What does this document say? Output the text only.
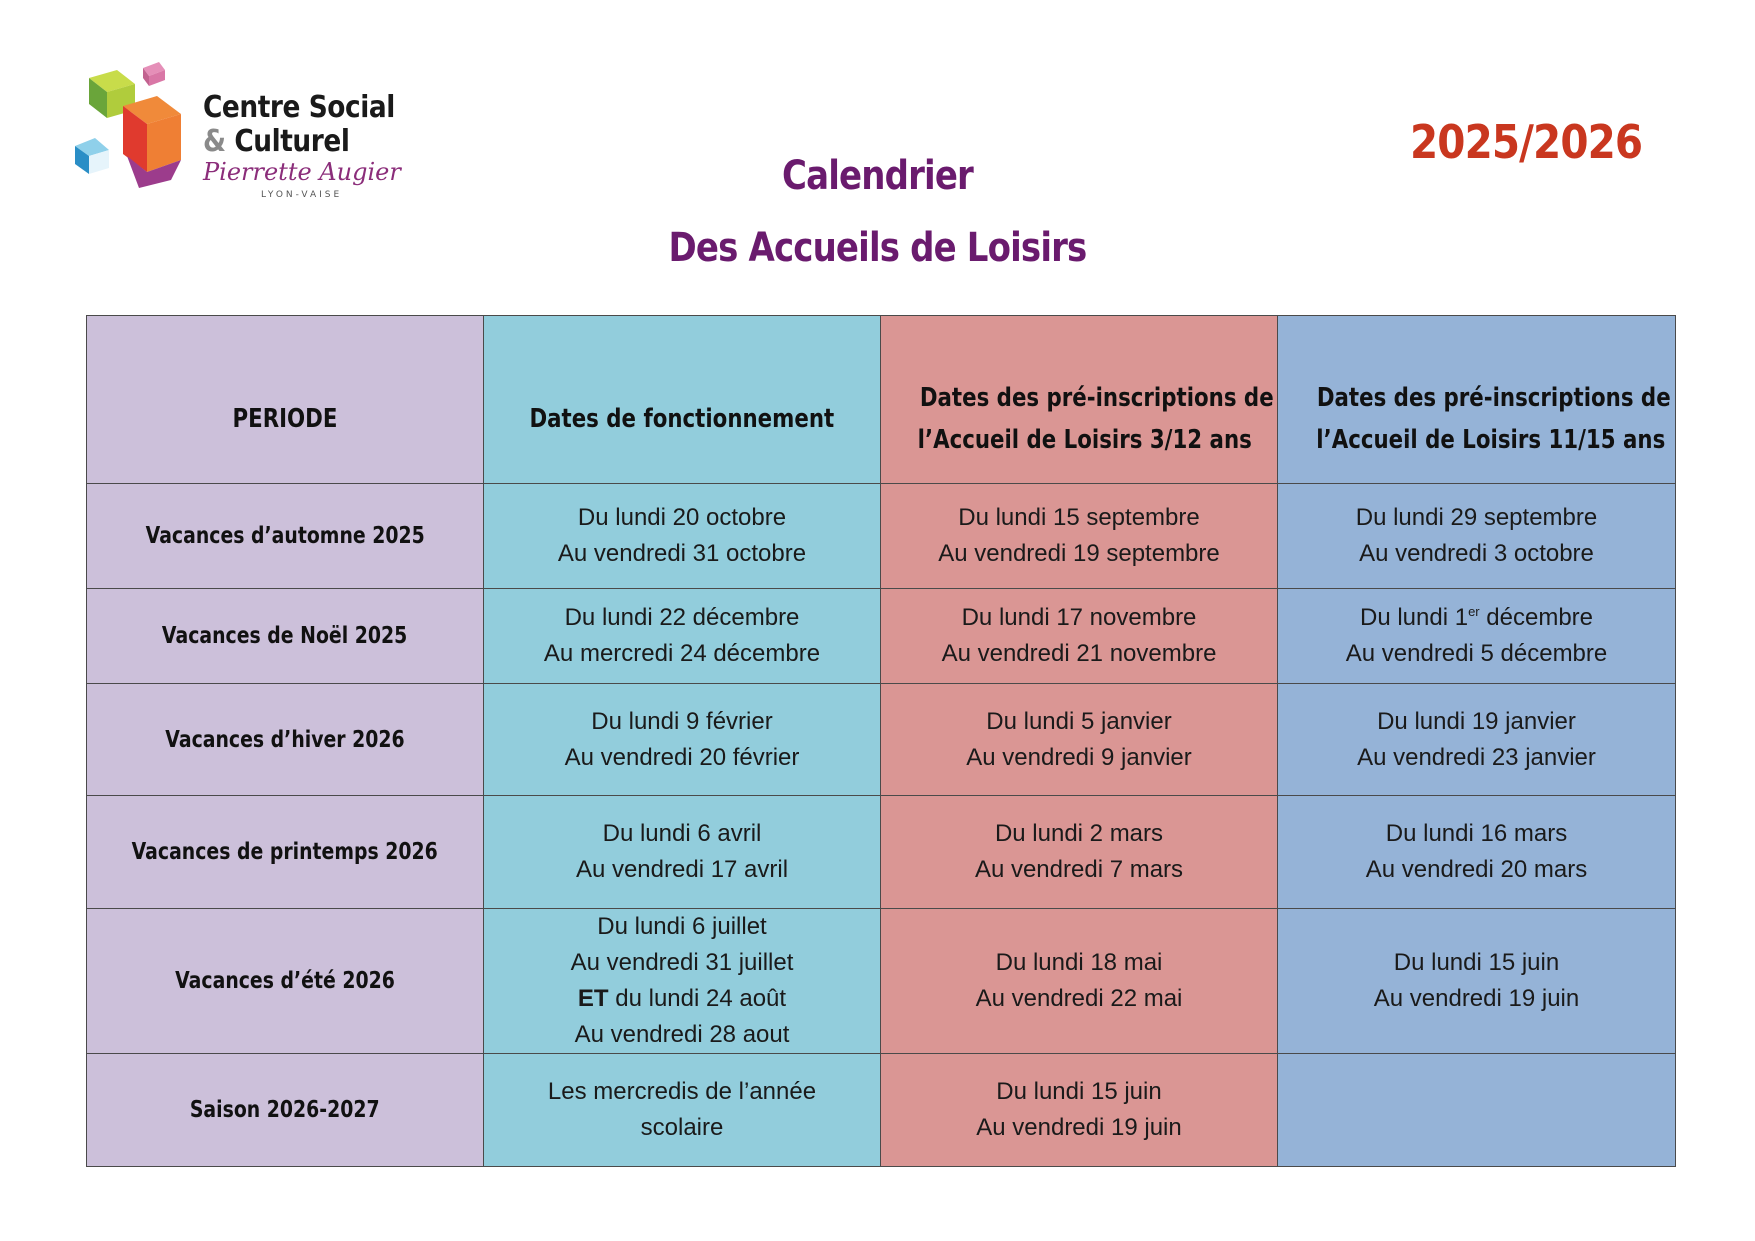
Centre Social
& Culturel
Pierrette Augier
LYON-VAISE
2025/2026
Calendrier
Des Accueils de Loisirs
PERIODE	Dates de fonctionnement	Dates des pré-inscriptions de
l’Accueil de Loisirs 3/12 ans	Dates des pré-inscriptions de
l’Accueil de Loisirs 11/15 ans
Vacances d’automne 2025	Du lundi 20 octobre
Au vendredi 31 octobre	Du lundi 15 septembre
Au vendredi 19 septembre	Du lundi 29 septembre
Au vendredi 3 octobre

Vacances de Noël 2025	Du lundi 22 décembre
Au mercredi 24 décembre	Du lundi 17 novembre
Au vendredi 21 novembre	Du lundi 1er décembre
Au vendredi 5 décembre

Vacances d’hiver 2026	Du lundi 9 février
Au vendredi 20 février	Du lundi 5 janvier
Au vendredi 9 janvier	Du lundi 19 janvier
Au vendredi 23 janvier

Vacances de printemps 2026	Du lundi 6 avril
Au vendredi 17 avril	Du lundi 2 mars
Au vendredi 7 mars	Du lundi 16 mars
Au vendredi 20 mars

Vacances d’été 2026	Du lundi 6 juillet
Au vendredi 31 juillet
ET du lundi 24 août
Au vendredi 28 aout	Du lundi 18 mai
Au vendredi 22 mai	Du lundi 15 juin
Au vendredi 19 juin

Saison 2026-2027	Les mercredis de l’année
scolaire	Du lundi 15 juin
Au vendredi 19 juin	
